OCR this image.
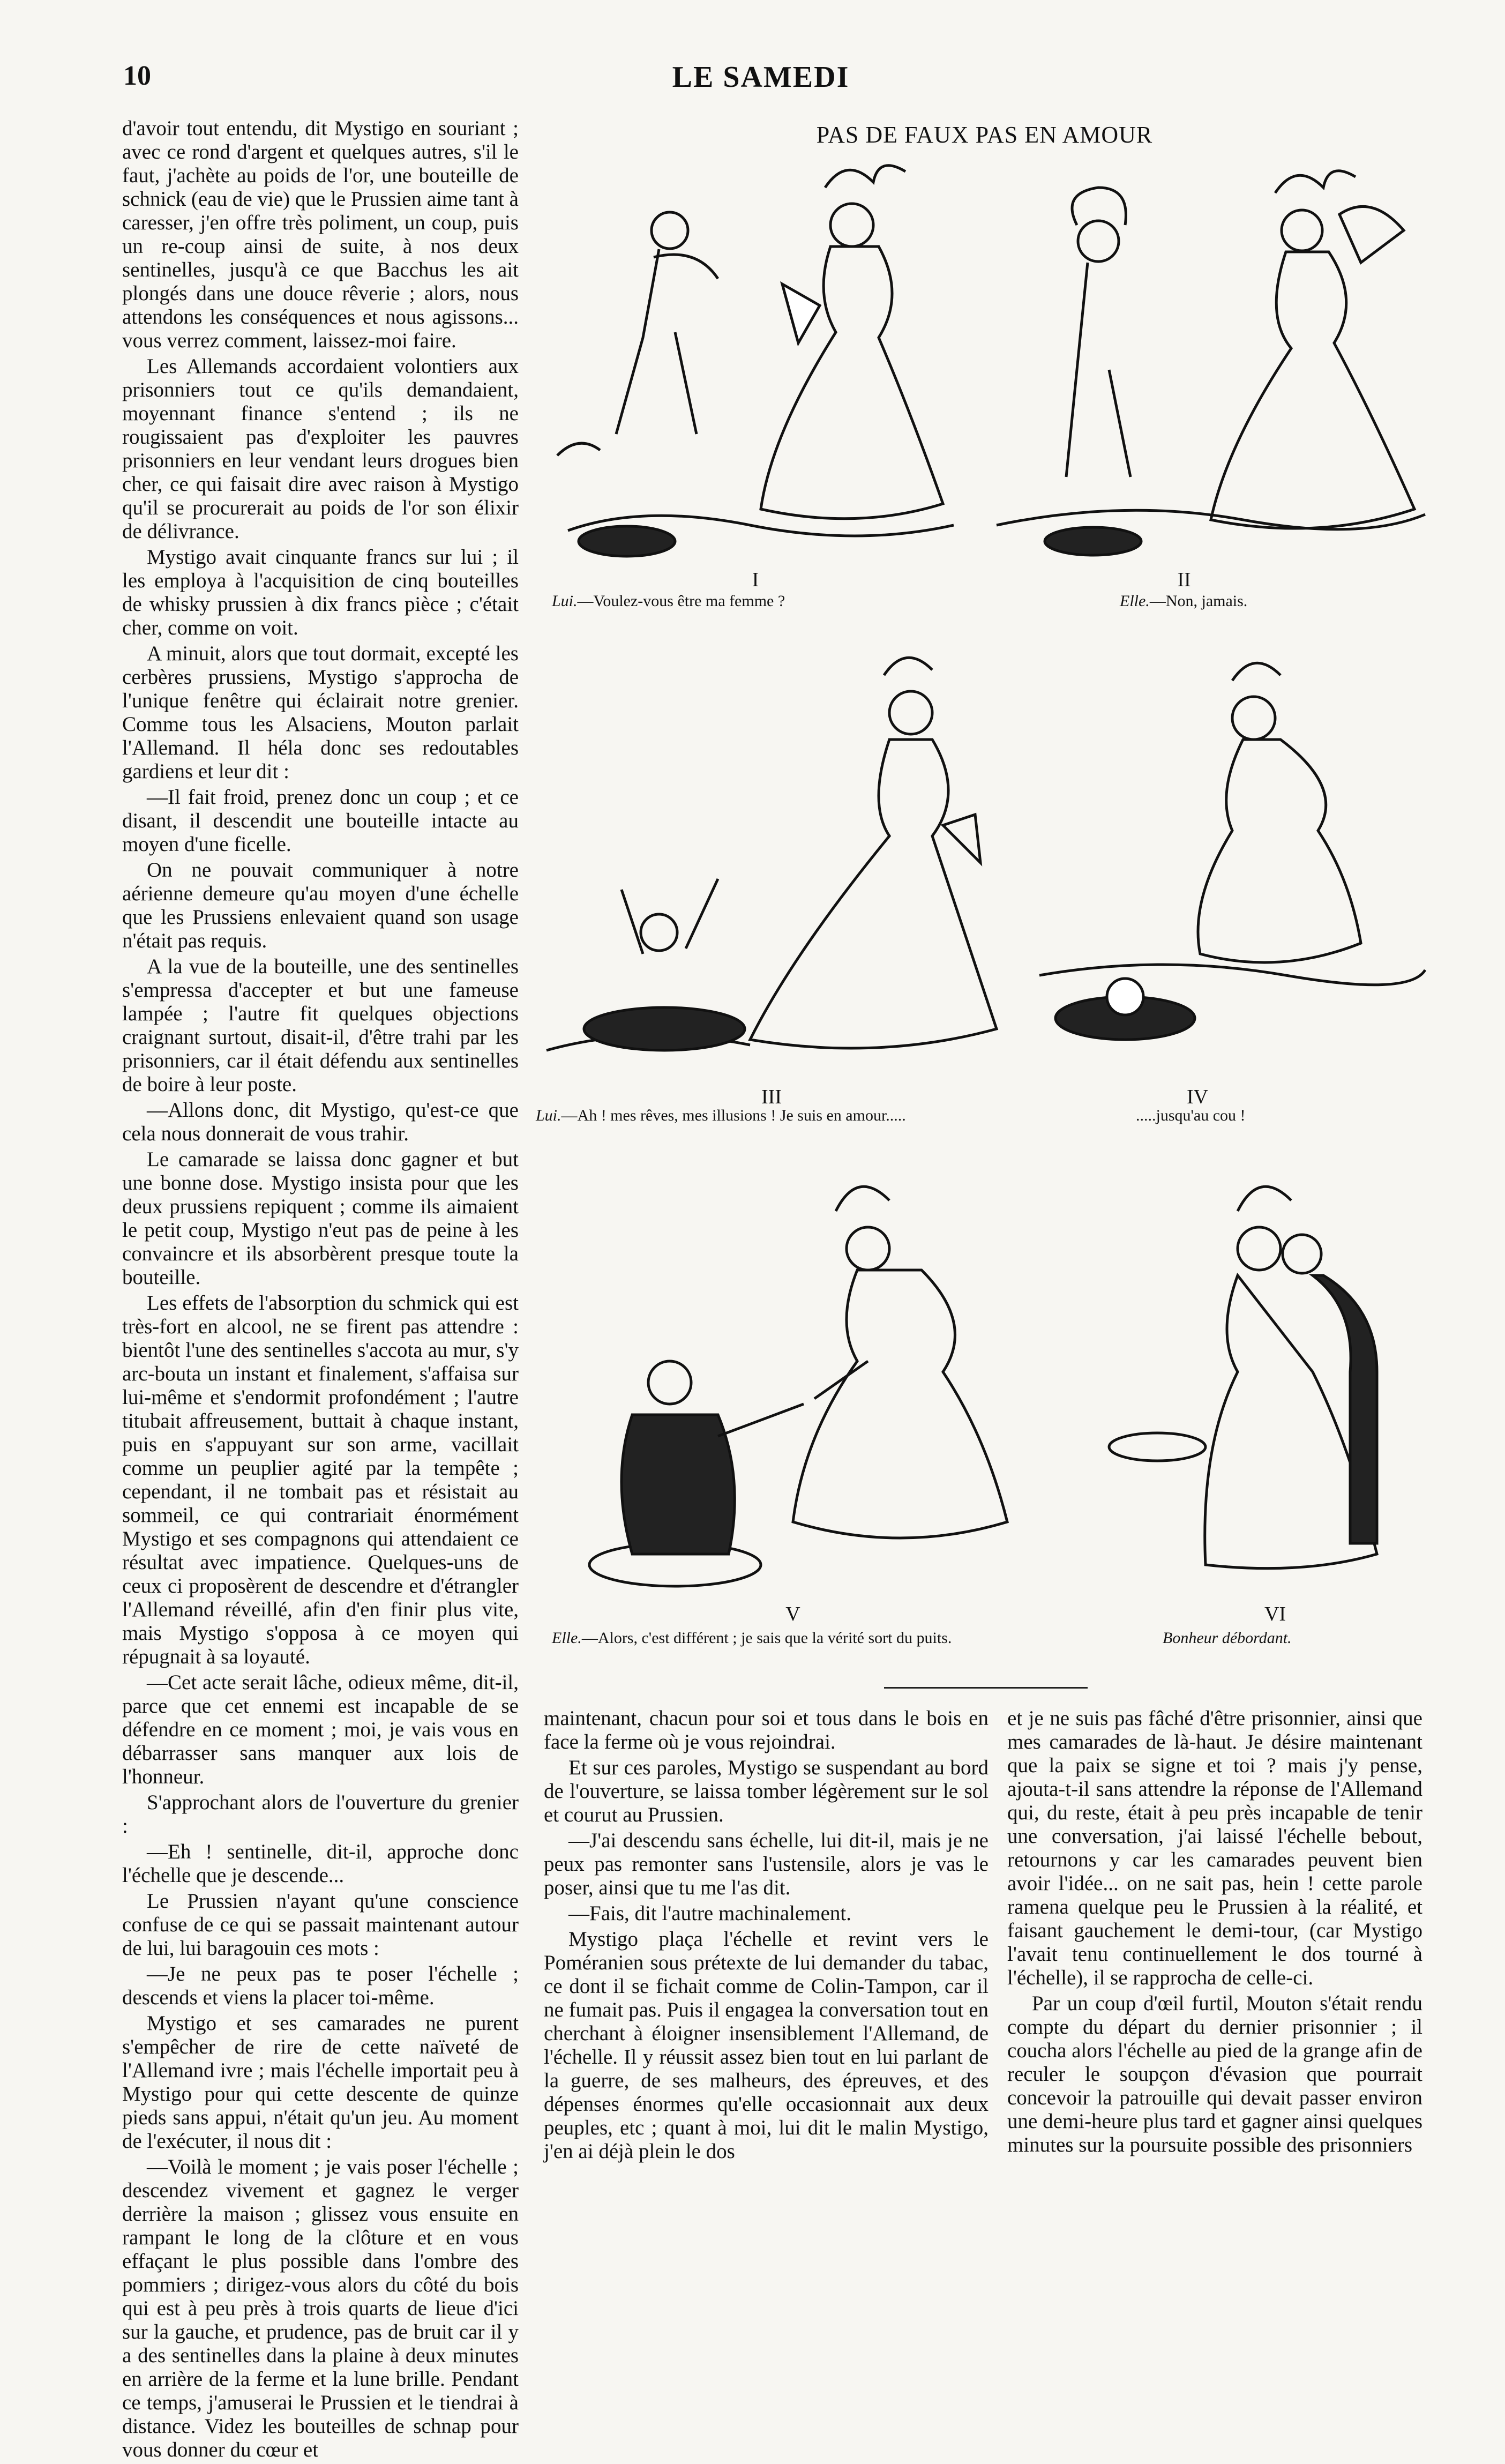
10	LE SAMEDI

d'avoir tout entendu, dit Mystigo en souriant ; avec ce rond d'argent et quelques autres, s'il le faut, j'achète au poids de l'or, une bouteille de schnick (eau de vie) que le Prussien aime tant à caresser, j'en offre très poliment, un coup, puis un re-coup ainsi de suite, à nos deux sentinelles, jusqu'à ce que Bacchus les ait plongés dans une douce rêverie ; alors, nous attendons les conséquences et nous agissons... vous verrez comment, laissez-moi faire.

Les Allemands accordaient volontiers aux prisonniers tout ce qu'ils demandaient, moyennant finance s'entend ; ils ne rougissaient pas d'exploiter les pauvres prisonniers en leur vendant leurs drogues bien cher, ce qui faisait dire avec raison à Mystigo qu'il se procurerait au poids de l'or son élixir de délivrance.

Mystigo avait cinquante francs sur lui ; il les employa à l'acquisition de cinq bouteilles de whisky prussien à dix francs pièce ; c'était cher, comme on voit.

A minuit, alors que tout dormait, excepté les cerbères prussiens, Mystigo s'approcha de l'unique fenêtre qui éclairait notre grenier. Comme tous les Alsaciens, Mouton parlait l'Allemand. Il héla donc ses redoutables gardiens et leur dit :

—Il fait froid, prenez donc un coup ; et ce disant, il descendit une bouteille intacte au moyen d'une ficelle.

On ne pouvait communiquer à notre aérienne demeure qu'au moyen d'une échelle que les Prussiens enlevaient quand son usage n'était pas requis.

A la vue de la bouteille, une des sentinelles s'empressa d'accepter et but une fameuse lampée ; l'autre fit quelques objections craignant surtout, disait-il, d'être trahi par les prisonniers, car il était défendu aux sentinelles de boire à leur poste.

—Allons donc, dit Mystigo, qu'est-ce que cela nous donnerait de vous trahir.

Le camarade se laissa donc gagner et but une bonne dose. Mystigo insista pour que les deux prussiens repiquent ; comme ils aimaient le petit coup, Mystigo n'eut pas de peine à les convaincre et ils absorbèrent presque toute la bouteille.

Les effets de l'absorption du schmick qui est très-fort en alcool, ne se firent pas attendre : bientôt l'une des sentinelles s'accota au mur, s'y arc-bouta un instant et finalement, s'affaisa sur lui-même et s'endormit profondément ; l'autre titubait affreusement, buttait à chaque instant, puis en s'appuyant sur son arme, vacillait comme un peuplier agité par la tempête ; cependant, il ne tombait pas et résistait au sommeil, ce qui contrariait énormément Mystigo et ses compagnons qui attendaient ce résultat avec impatience. Quelques-uns de ceux ci proposèrent de descendre et d'étrangler l'Allemand réveillé, afin d'en finir plus vite, mais Mystigo s'opposa à ce moyen qui répugnait à sa loyauté.

—Cet acte serait lâche, odieux même, dit-il, parce que cet ennemi est incapable de se défendre en ce moment ; moi, je vais vous en débarrasser sans manquer aux lois de l'honneur.

S'approchant alors de l'ouverture du grenier :

—Eh ! sentinelle, dit-il, approche donc l'échelle que je descende...

Le Prussien n'ayant qu'une conscience confuse de ce qui se passait maintenant autour de lui, lui baragouin ces mots :

—Je ne peux pas te poser l'échelle ; descends et viens la placer toi-même.

Mystigo et ses camarades ne purent s'empêcher de rire de cette naïveté de l'Allemand ivre ; mais l'échelle importait peu à Mystigo pour qui cette descente de quinze pieds sans appui, n'était qu'un jeu. Au moment de l'exécuter, il nous dit :

—Voilà le moment ; je vais poser l'échelle ; descendez vivement et gagnez le verger derrière la maison ; glissez vous ensuite en rampant le long de la clôture et en vous effaçant le plus possible dans l'ombre des pommiers ; dirigez-vous alors du côté du bois qui est à peu près à trois quarts de lieue d'ici sur la gauche, et prudence, pas de bruit car il y a des sentinelles dans la plaine à deux minutes en arrière de la ferme et la lune brille. Pendant ce temps, j'amuserai le Prussien et le tiendrai à distance. Videz les bouteilles de schnap pour vous donner du cœur et

PAS DE FAUX PAS EN AMOUR
I
Lui.—Voulez-vous être ma femme ?
II
Elle.—Non, jamais.
III
Lui.—Ah ! mes rêves, mes illusions ! Je suis en amour.....
IV
.....jusqu'au cou !
V
Elle.—Alors, c'est différent ; je sais que la vérité sort du puits.
VI
Bonheur débordant.

maintenant, chacun pour soi et tous dans le bois en face la ferme où je vous rejoindrai.

Et sur ces paroles, Mystigo se suspendant au bord de l'ouverture, se laissa tomber légèrement sur le sol et courut au Prussien.

—J'ai descendu sans échelle, lui dit-il, mais je ne peux pas remonter sans l'ustensile, alors je vas le poser, ainsi que tu me l'as dit.

—Fais, dit l'autre machinalement.

Mystigo plaça l'échelle et revint vers le Poméranien sous prétexte de lui demander du tabac, ce dont il se fichait comme de Colin-Tampon, car il ne fumait pas. Puis il engagea la conversation tout en cherchant à éloigner insensiblement l'Allemand, de l'échelle. Il y réussit assez bien tout en lui parlant de la guerre, de ses malheurs, des épreuves, et des dépenses énormes qu'elle occasionnait aux deux peuples, etc ; quant à moi, lui dit le malin Mystigo, j'en ai déjà plein le dos

et je ne suis pas fâché d'être prisonnier, ainsi que mes camarades de là-haut. Je désire maintenant que la paix se signe et toi ? mais j'y pense, ajouta-t-il sans attendre la réponse de l'Allemand qui, du reste, était à peu près incapable de tenir une conversation, j'ai laissé l'échelle bebout, retournons y car les camarades peuvent bien avoir l'idée... on ne sait pas, hein ! cette parole ramena quelque peu le Prussien à la réalité, et faisant gauchement le demi-tour, (car Mystigo l'avait tenu continuellement le dos tourné à l'échelle), il se rapprocha de celle-ci.

Par un coup d'œil furtil, Mouton s'était rendu compte du départ du dernier prisonnier ; il coucha alors l'échelle au pied de la grange afin de reculer le soupçon d'évasion que pourrait concevoir la patrouille qui devait passer environ une demi-heure plus tard et gagner ainsi quelques minutes sur la poursuite possible des prisonniers
